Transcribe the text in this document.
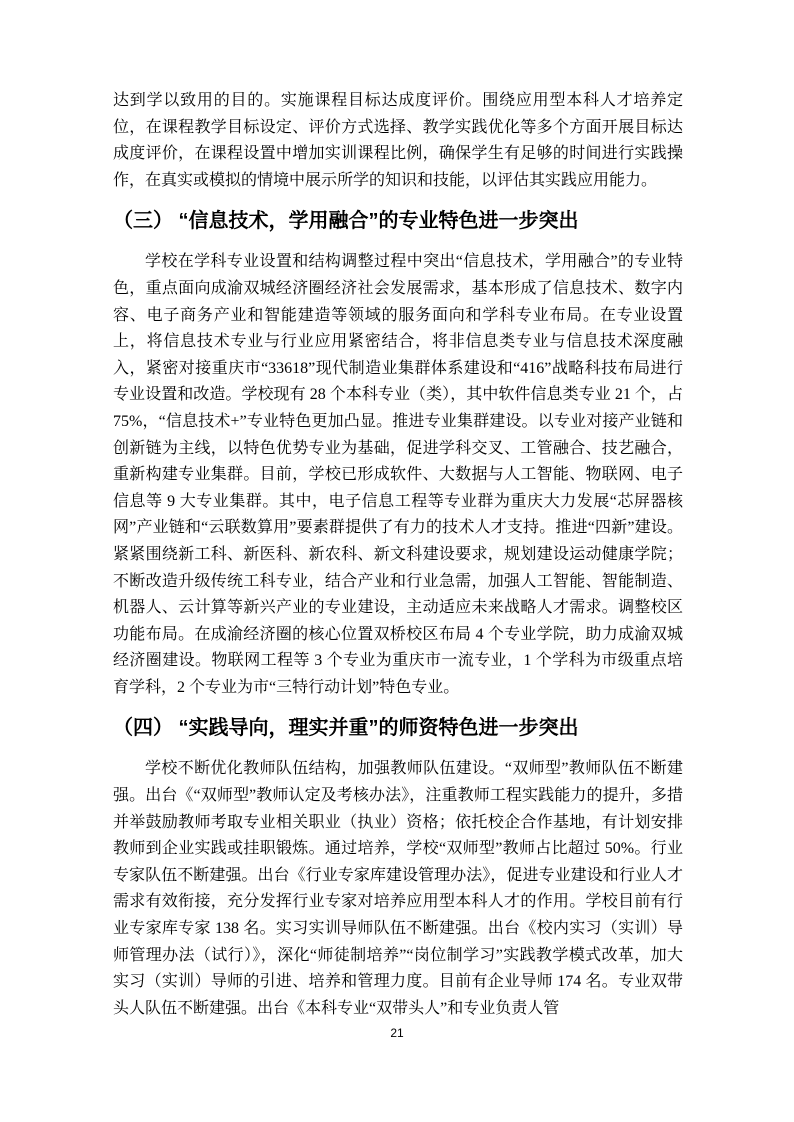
达到学以致用的目的。实施课程目标达成度评价。围绕应用型本科人才培养定位，在课程教学目标设定、评价方式选择、教学实践优化等多个方面开展目标达成度评价，在课程设置中增加实训课程比例，确保学生有足够的时间进行实践操作，在真实或模拟的情境中展示所学的知识和技能，以评估其实践应用能力。

（三） “信息技术，学用融合”的专业特色进一步突出

学校在学科专业设置和结构调整过程中突出“信息技术，学用融合”的专业特色，重点面向成渝双城经济圈经济社会发展需求，基本形成了信息技术、数字内容、电子商务产业和智能建造等领域的服务面向和学科专业布局。在专业设置上，将信息技术专业与行业应用紧密结合，将非信息类专业与信息技术深度融入，紧密对接重庆市“33618”现代制造业集群体系建设和“416”战略科技布局进行专业设置和改造。学校现有 28 个本科专业（类），其中软件信息类专业 21 个，占 75%，“信息技术+”专业特色更加凸显。推进专业集群建设。以专业对接产业链和创新链为主线，以特色优势专业为基础，促进学科交叉、工管融合、技艺融合，重新构建专业集群。目前，学校已形成软件、大数据与人工智能、物联网、电子信息等 9 大专业集群。其中，电子信息工程等专业群为重庆大力发展“芯屏器核网”产业链和“云联数算用”要素群提供了有力的技术人才支持。推进“四新”建设。紧紧围绕新工科、新医科、新农科、新文科建设要求，规划建设运动健康学院；不断改造升级传统工科专业，结合产业和行业急需，加强人工智能、智能制造、机器人、云计算等新兴产业的专业建设，主动适应未来战略人才需求。调整校区功能布局。在成渝经济圈的核心位置双桥校区布局 4 个专业学院，助力成渝双城经济圈建设。物联网工程等 3 个专业为重庆市一流专业，1 个学科为市级重点培育学科，2 个专业为市“三特行动计划”特色专业。

（四） “实践导向，理实并重”的师资特色进一步突出

学校不断优化教师队伍结构，加强教师队伍建设。“双师型”教师队伍不断建强。出台《“双师型”教师认定及考核办法》，注重教师工程实践能力的提升，多措并举鼓励教师考取专业相关职业（执业）资格；依托校企合作基地，有计划安排教师到企业实践或挂职锻炼。通过培养，学校“双师型”教师占比超过 50%。行业专家队伍不断建强。出台《行业专家库建设管理办法》，促进专业建设和行业人才需求有效衔接，充分发挥行业专家对培养应用型本科人才的作用。学校目前有行业专家库专家 138 名。实习实训导师队伍不断建强。出台《校内实习（实训）导师管理办法（试行）》，深化“师徒制培养”“岗位制学习”实践教学模式改革，加大实习（实训）导师的引进、培养和管理力度。目前有企业导师 174 名。专业双带头人队伍不断建强。出台《本科专业“双带头人”和专业负责人管

21
